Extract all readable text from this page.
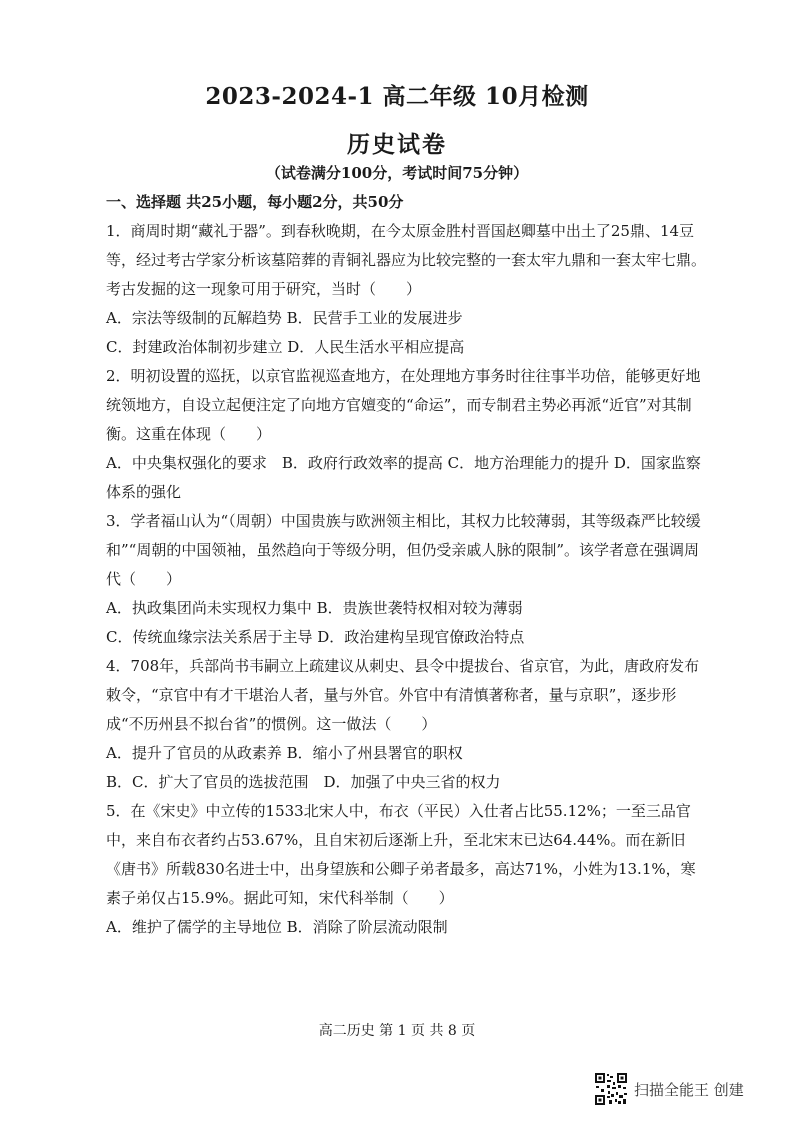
2023-2024-1 高二年级 10月检测
历史试卷
（试卷满分100分，考试时间75分钟）
一、选择题 共25小题，每小题2分，共50分
1．商周时期“藏礼于器”。到春秋晚期，在今太原金胜村晋国赵卿墓中出土了25鼎、14豆等，经过考古学家分析该墓陪葬的青铜礼器应为比较完整的一套太牢九鼎和一套太牢七鼎。考古发掘的这一现象可用于研究，当时（　　）
A．宗法等级制的瓦解趋势 B．民营手工业的发展进步
C．封建政治体制初步建立 D．人民生活水平相应提高
2．明初设置的巡抚，以京官监视巡查地方，在处理地方事务时往往事半功倍，能够更好地统领地方，自设立起便注定了向地方官嬗变的“命运”，而专制君主势必再派“近官”对其制衡。这重在体现（　　）
A．中央集权强化的要求　B．政府行政效率的提高 C．地方治理能力的提升 D．国家监察体系的强化
3．学者福山认为“（周朝）中国贵族与欧洲领主相比，其权力比较薄弱，其等级森严比较缓和”“周朝的中国领袖，虽然趋向于等级分明，但仍受亲戚人脉的限制”。该学者意在强调周代（　　）
A．执政集团尚未实现权力集中 B．贵族世袭特权相对较为薄弱
C．传统血缘宗法关系居于主导 D．政治建构呈现官僚政治特点
4．708年，兵部尚书韦嗣立上疏建议从刺史、县令中提拔台、省京官，为此，唐政府发布敕令，“京官中有才干堪治人者，量与外官。外官中有清慎著称者，量与京职”，逐步形成“不历州县不拟台省”的惯例。这一做法（　　）
A．提升了官员的从政素养 B．缩小了州县署官的职权
B．C．扩大了官员的选拔范围　D．加强了中央三省的权力
5．在《宋史》中立传的1533北宋人中，布衣（平民）入仕者占比55.12%；一至三品官中，来自布衣者约占53.67%，且自宋初后逐渐上升，至北宋末已达64.44%。而在新旧《唐书》所载830名进士中，出身望族和公卿子弟者最多，高达71%，小姓为13.1%，寒素子弟仅占15.9%。据此可知，宋代科举制（　　）
A．维护了儒学的主导地位 B．消除了阶层流动限制
高二历史 第 1 页 共 8 页
扫描全能王 创建
